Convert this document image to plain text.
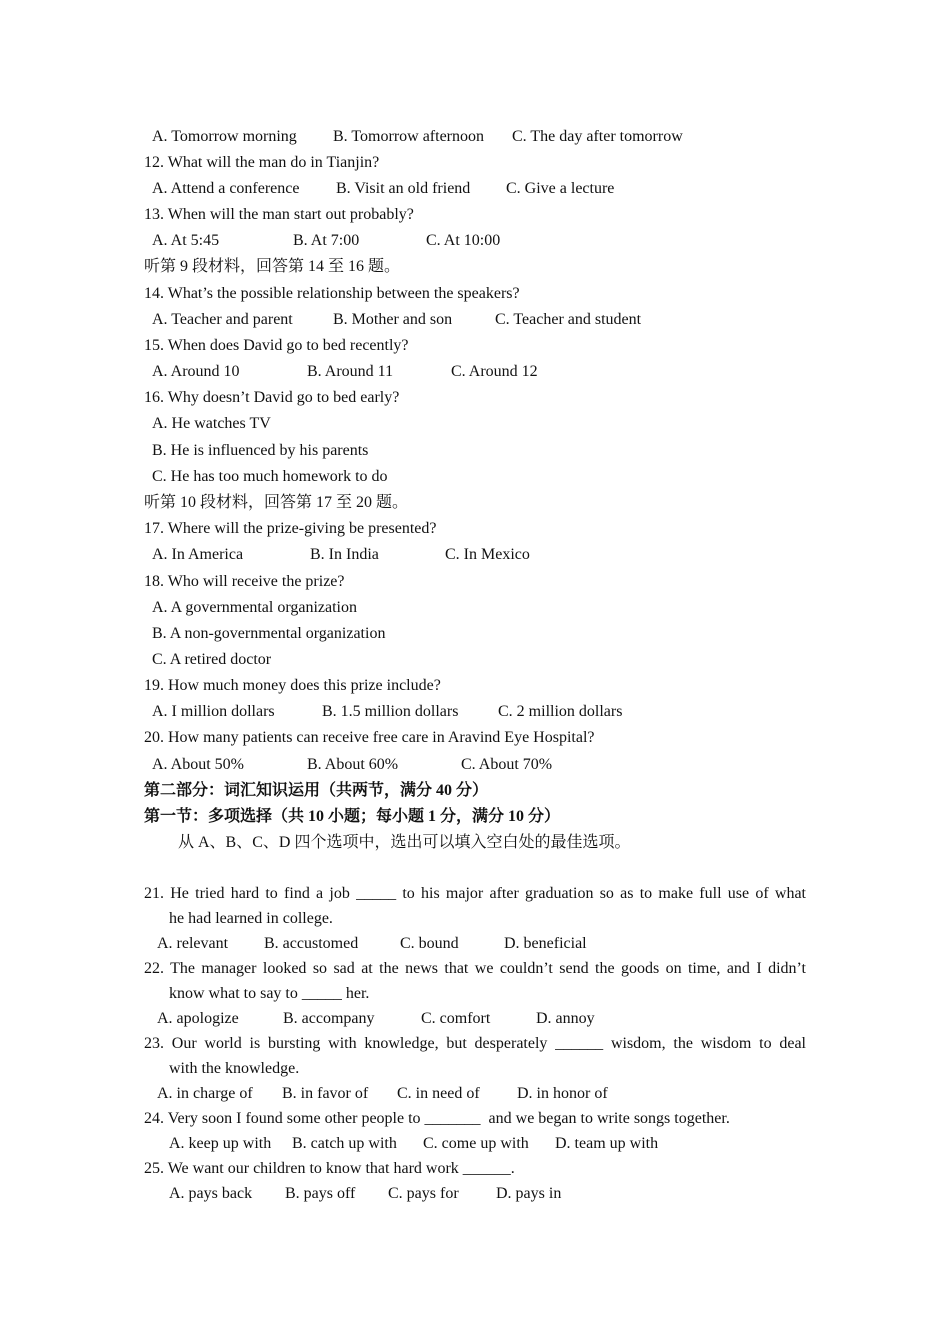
A. Tomorrow morning B. Tomorrow afternoon C. The day after tomorrow
12. What will the man do in Tianjin?
A. Attend a conference B. Visit an old friend C. Give a lecture
13. When will the man start out probably?
A. At 5:45	B. At 7:00	C. At 10:00
听第 9 段材料，回答第 14 至 16 题。
14. What’s the possible relationship between the speakers?
A. Teacher and parent	B. Mother and son	C. Teacher and student
15. When does David go to bed recently?
A. Around 10	B. Around 11	C. Around 12
16. Why doesn’t David go to bed early?
A. He watches TV
B. He is influenced by his parents
C. He has too much homework to do
听第 10 段材料，回答第 17 至 20 题。
17. Where will the prize-giving be presented?
A. In America	B. In India	C. In Mexico
18. Who will receive the prize?
A. A governmental organization
B. A non-governmental organization
C. A retired doctor
19. How much money does this prize include?
A. I million dollars	B. 1.5 million dollars C. 2 million dollars
20. How many patients can receive free care in Aravind Eye Hospital?
A. About 50%	B. About 60%	C. About 70%
第二部分：词汇知识运用（共两节，满分 40 分）
第一节：多项选择（共 10 小题；每小题 1 分，满分 10 分）
从 A、B、C、D 四个选项中，选出可以填入空白处的最佳选项。
21. He tried hard to find a job _____ to his major after graduation so as to make full use of what
he had learned in college.
A. relevant B. accustomed	C. bound	D. beneficial
22. The manager looked so sad at the news that we couldn’t send the goods on time, and I didn’t
know what to say to _____ her.
A. apologize	B. accompany	C. comfort	D. annoy
23. Our world is bursting with knowledge, but desperately ______ wisdom, the wisdom to deal
with the knowledge.
A. in charge of B. in favor of C. in need of D. in honor of
24. Very soon I found some other people to _______  and we began to write songs together.
A. keep up with B. catch up with C. come up with D. team up with
25. We want our children to know that hard work ______.
A. pays back B. pays off C. pays for D. pays in
